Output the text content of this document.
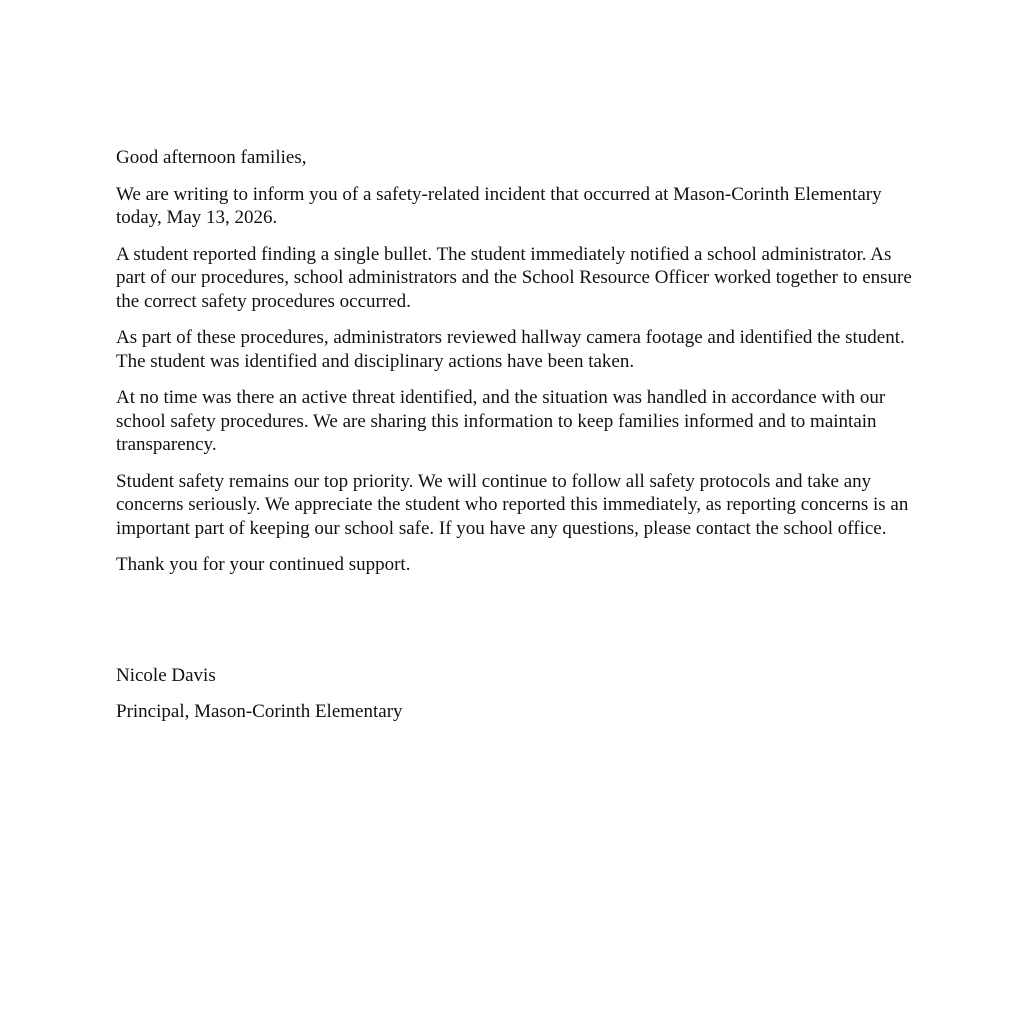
Good afternoon families,

We are writing to inform you of a safety-related incident that occurred at Mason-Corinth Elementary today, May 13, 2026.

A student reported finding a single bullet. The student immediately notified a school administrator. As part of our procedures, school administrators and the School Resource Officer worked together to ensure the correct safety procedures occurred.

As part of these procedures, administrators reviewed hallway camera footage and identified the student. The student was identified and disciplinary actions have been taken.

At no time was there an active threat identified, and the situation was handled in accordance with our school safety procedures. We are sharing this information to keep families informed and to maintain transparency.

Student safety remains our top priority. We will continue to follow all safety protocols and take any concerns seriously. We appreciate the student who reported this immediately, as reporting concerns is an important part of keeping our school safe. If you have any questions, please contact the school office.

Thank you for your continued support.

Nicole Davis

Principal, Mason-Corinth Elementary
